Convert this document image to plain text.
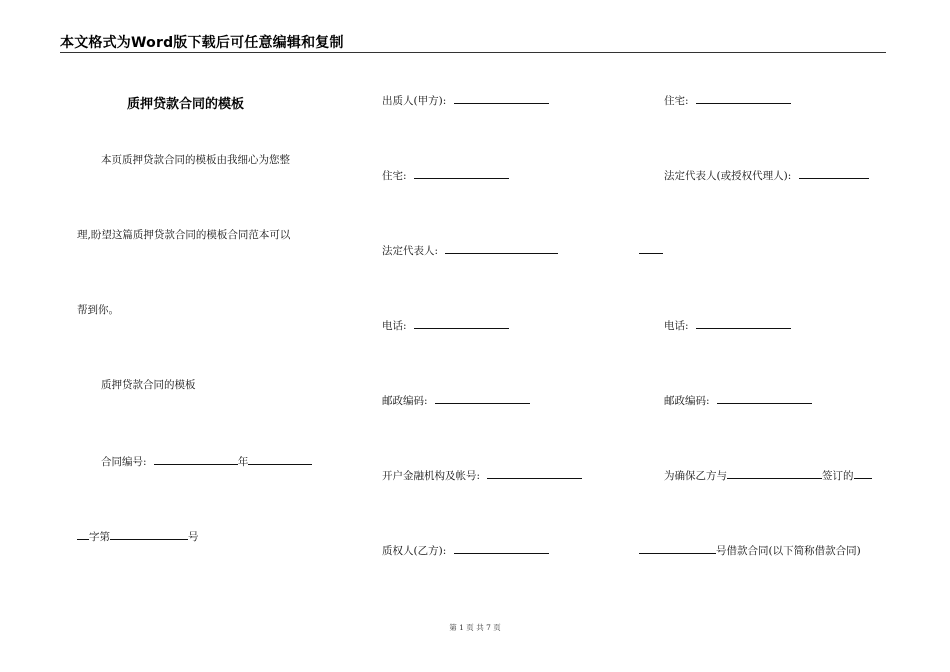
本文格式为Word版下载后可任意编辑和复制
质押贷款合同的模板
本页质押贷款合同的模板由我细心为您整
理,盼望这篇质押贷款合同的模板合同范本可以
帮到你。
质押贷款合同的模板
合同编号:	年
字第	号
出质人(甲方):
住宅:
法定代表人:
电话:
邮政编码:
开户金融机构及帐号:
质权人(乙方):
住宅:
法定代表人(或授权代理人):
电话:
邮政编码:
为确保乙方与	签订的
号借款合同(以下简称借款合同)
第 1 页 共 7 页
